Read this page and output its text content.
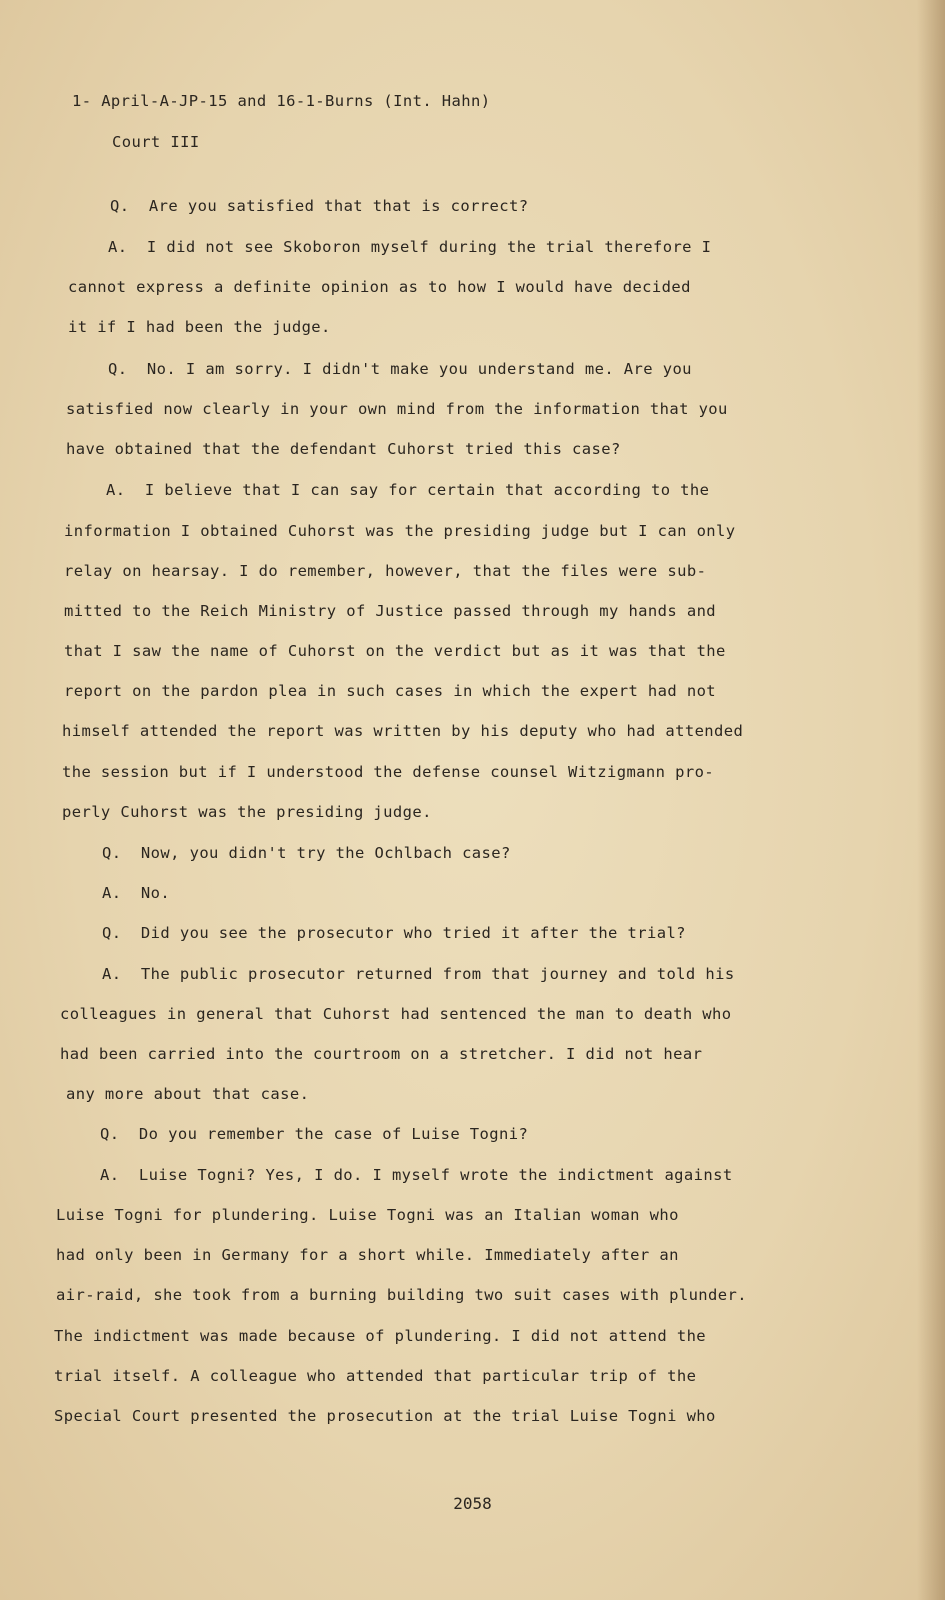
1- April-A-JP-15 and 16-1-Burns (Int. Hahn)
Court III
Q.  Are you satisfied that that is correct?
A.  I did not see Skoboron myself during the trial therefore I
cannot express a definite opinion as to how I would have decided
it if I had been the judge.
Q.  No. I am sorry. I didn't make you understand me. Are you
satisfied now clearly in your own mind from the information that you
have obtained that the defendant Cuhorst tried this case?
A.  I believe that I can say for certain that according to the
information I obtained Cuhorst was the presiding judge but I can only
relay on hearsay. I do remember, however, that the files were sub-
mitted to the Reich Ministry of Justice passed through my hands and
that I saw the name of Cuhorst on the verdict but as it was that the
report on the pardon plea in such cases in which the expert had not
himself attended the report was written by his deputy who had attended
the session but if I understood the defense counsel Witzigmann pro-
perly Cuhorst was the presiding judge.
Q.  Now, you didn't try the Ochlbach case?
A.  No.
Q.  Did you see the prosecutor who tried it after the trial?
A.  The public prosecutor returned from that journey and told his
colleagues in general that Cuhorst had sentenced the man to death who
had been carried into the courtroom on a stretcher. I did not hear
any more about that case.
Q.  Do you remember the case of Luise Togni?
A.  Luise Togni? Yes, I do. I myself wrote the indictment against
Luise Togni for plundering. Luise Togni was an Italian woman who
had only been in Germany for a short while. Immediately after an
air-raid, she took from a burning building two suit cases with plunder.
The indictment was made because of plundering. I did not attend the
trial itself. A colleague who attended that particular trip of the
Special Court presented the prosecution at the trial Luise Togni who
2058
